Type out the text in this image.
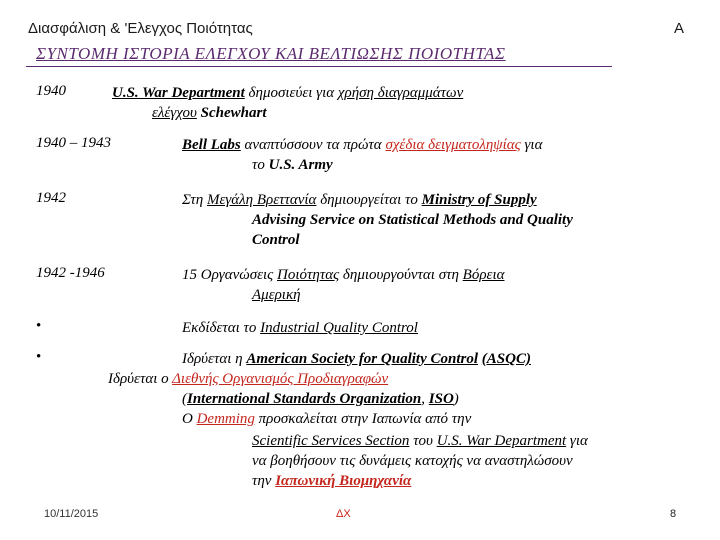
Διασφάλιση & 'Ελεγχος Ποιότητας	A
ΣΥΝΤΟΜΗ ΙΣΤΟΡΙΑ ΕΛΕΓΧΟΥ ΚΑΙ ΒΕΛΤΙΩΣΗΣ ΠΟΙΟΤΗΤΑΣ
1940	U.S. War Department δημοσιεύει για χρήση διαγραμμάτων
ελέγχου Schewhart
1940 – 1943	Bell Labs αναπτύσσουν τα πρώτα σχέδια δειγματοληψίας για
το U.S. Army
1942	Στη Μεγάλη Βρεττανία δημιουργείται το Ministry of Supply
Advising Service on Statistical Methods and Quality
Control
1942 -1946	15 Οργανώσεις Ποιότητας δημιουργούνται στη Βόρεια
Αμερική
•	Εκδίδεται το Industrial Quality Control
•	Ιδρύεται η American Society for Quality Control (ASQC)
Ιδρύεται ο Διεθνής Οργανισμός Προδιαγραφών
(International Standards Organization, ISO)
O Demming προσκαλείται στην Ιαπωνία από την
Scientific Services Section του U.S. War Department για
να βοηθήσουν τις δυνάμεις κατοχής να αναστηλώσουν
την Ιαπωνική Βιομηχανία
10/11/2015	ΔΧ	8
